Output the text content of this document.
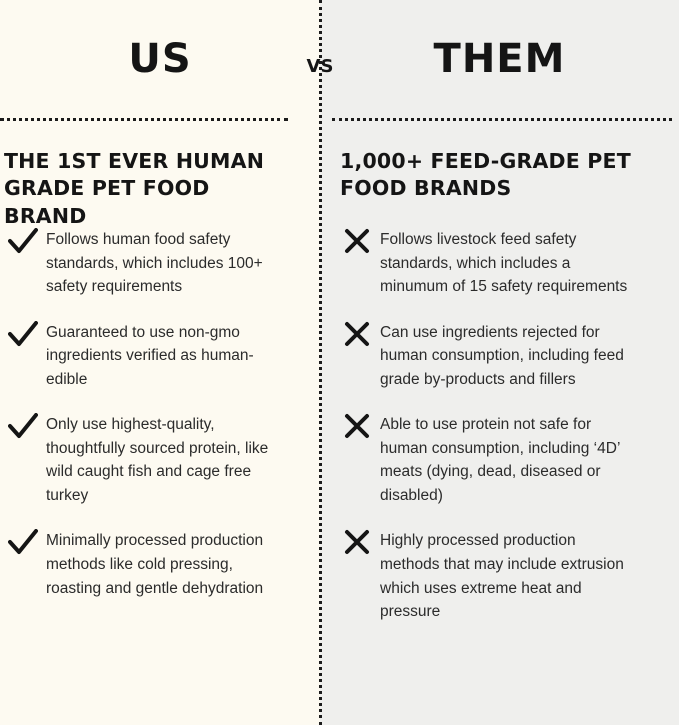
US	THEM
VS
THE 1ST EVER HUMAN GRADE PET FOOD BRAND
1,000+ FEED-GRADE PET FOOD BRANDS
Follows human food safety standards, which includes 100+ safety requirements
Guaranteed to use non-gmo ingredients verified as human-edible
Only use highest-quality, thoughtfully sourced protein, like wild caught fish and cage free turkey
Minimally processed production methods like cold pressing, roasting and gentle dehydration
Follows livestock feed safety standards, which includes a minumum of 15 safety requirements
Can use ingredients rejected for human consumption, including feed grade by-products and fillers
Able to use protein not safe for human consumption, including ‘4D’ meats (dying, dead, diseased or disabled)
Highly processed production methods that may include extrusion which uses extreme heat and pressure
